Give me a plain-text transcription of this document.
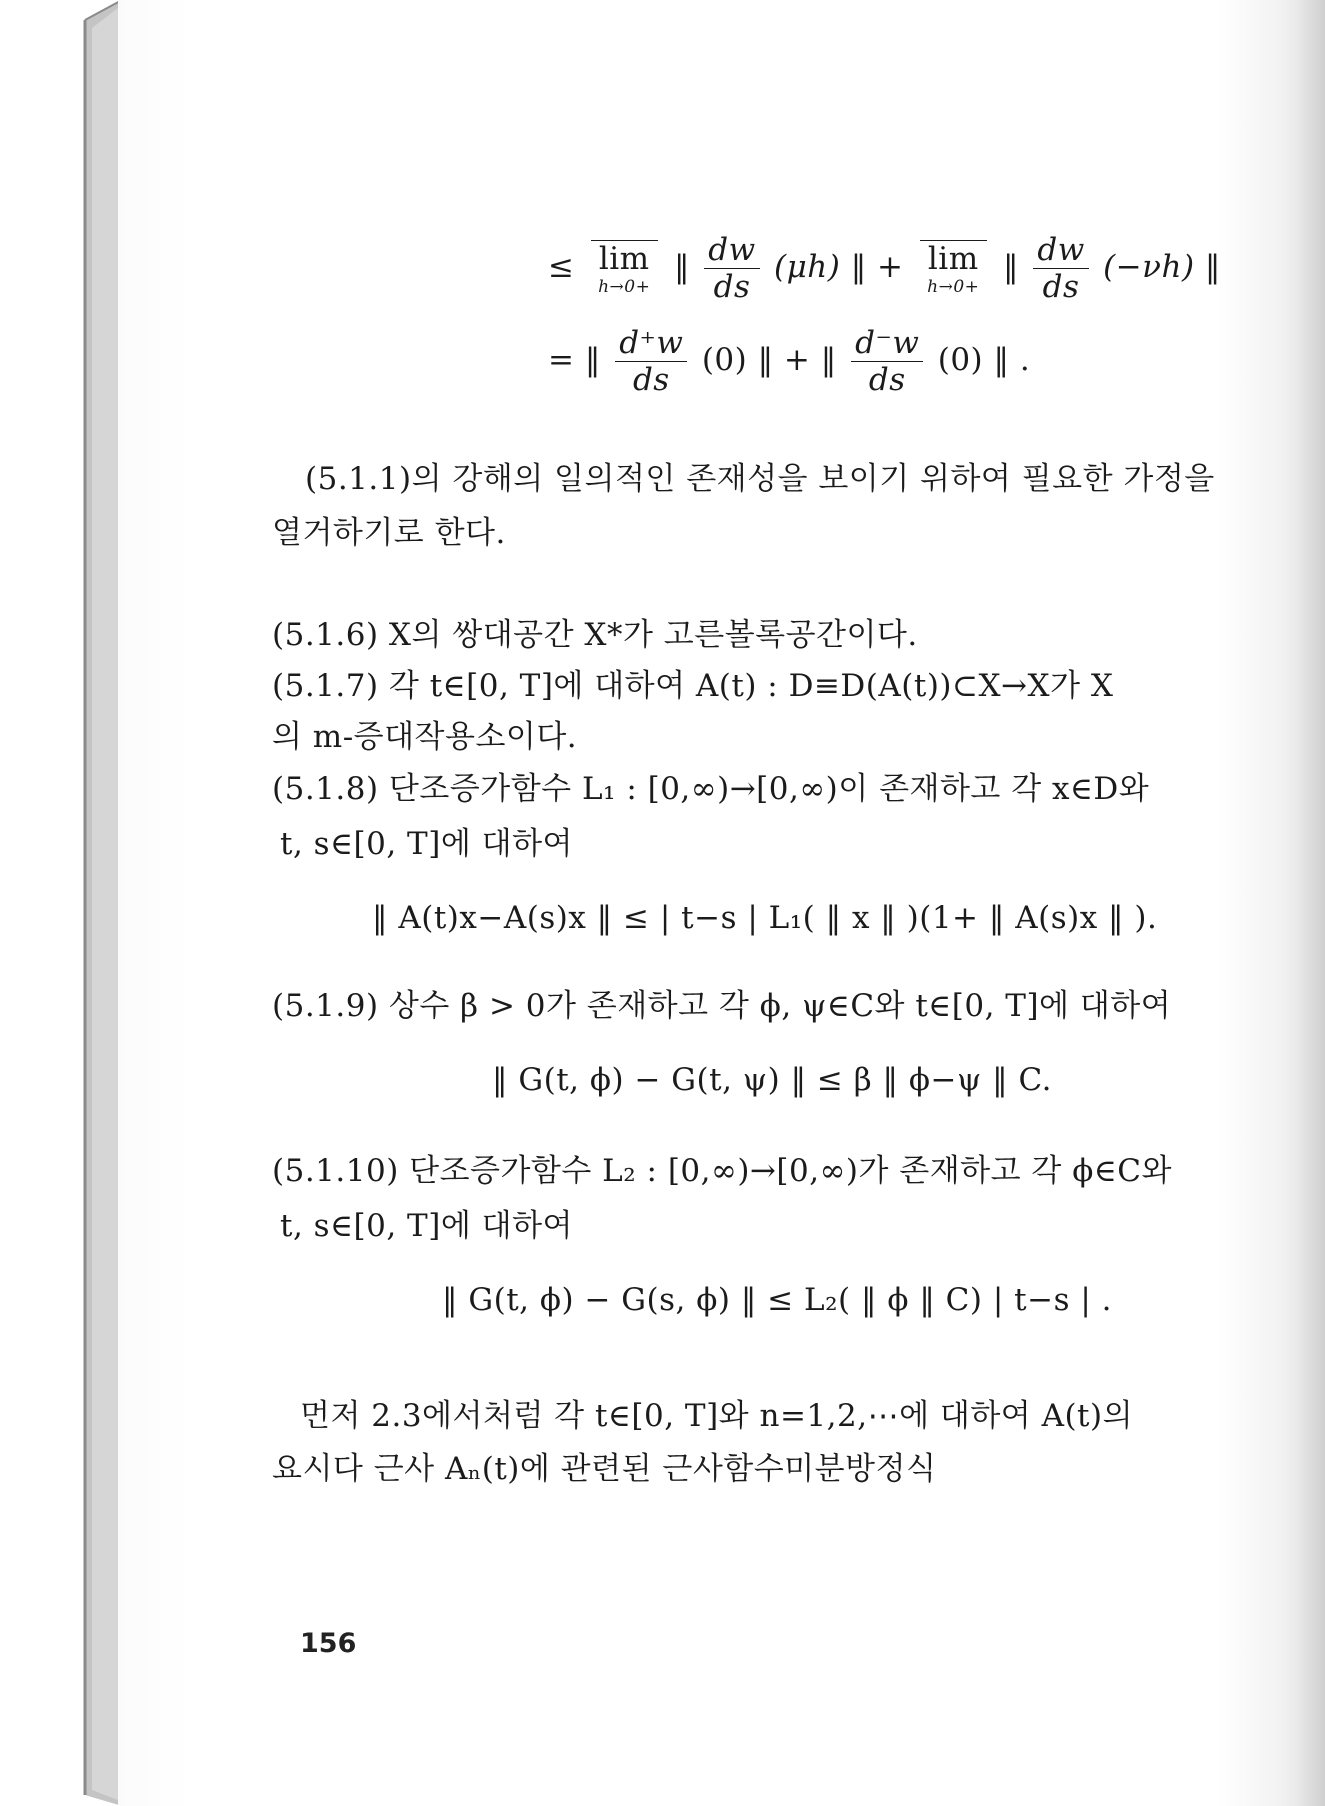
≤ lim
h→0+
‖ $\frac{dw}{ds} (\mu h)$ ‖ + lim
h→0+
‖ $\frac{dw}{ds} (-\nu h)$ ‖
= ‖ $\frac{d^+w}{ds} (0)$ ‖ + ‖ $\frac{d^-w}{ds} (0)$ ‖ .
(5.1.1)의 강해의 일의적인 존재성을 보이기 위하여 필요한 가정을
열거하기로 한다.
(5.1.6) X의 쌍대공간 X*가 고른볼록공간이다.
(5.1.7) 각 t∈[0, T]에 대하여 A(t) : D≡D(A(t))⊂X→X가 X
의 m-증대작용소이다.
(5.1.8) 단조증가함수 L₁ : [0,∞)→[0,∞)이 존재하고 각 x∈D와
t, s∈[0, T]에 대하여
‖ A(t)x−A(s)x ‖ ≤ | t−s | L₁( ‖ x ‖ )(1+ ‖ A(s)x ‖ ).
(5.1.9) 상수 β > 0가 존재하고 각 ϕ, ψ∈C와 t∈[0, T]에 대하여
‖ G(t, ϕ) − G(t, ψ) ‖ ≤ β ‖ ϕ−ψ ‖ C.
(5.1.10) 단조증가함수 L₂ : [0,∞)→[0,∞)가 존재하고 각 ϕ∈C와
t, s∈[0, T]에 대하여
‖ G(t, ϕ) − G(s, ϕ) ‖ ≤ L₂( ‖ ϕ ‖ C) | t−s | .
먼저 2.3에서처럼 각 t∈[0, T]와 n=1,2,⋯에 대하여 A(t)의
요시다 근사 Aₙ(t)에 관련된 근사함수미분방정식
156
